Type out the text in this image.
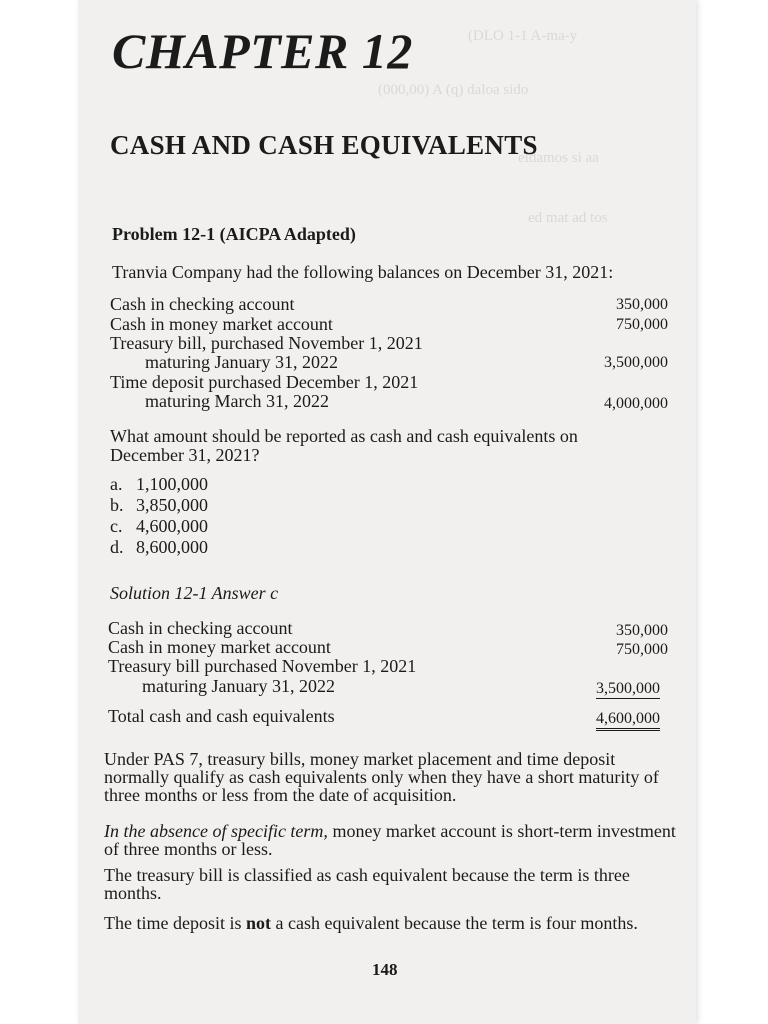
(DLO 1-1 A-ma-y
(000,00) A (q) daloa sido
eldamos si aa
ed mat ad tos
CHAPTER 12
CASH AND CASH EQUIVALENTS
Problem 12-1 (AICPA Adapted)
Tranvia Company had the following balances on December 31, 2021:
Cash in checking account	350,000
Cash in money market account	750,000
Treasury bill, purchased November 1, 2021
maturing January 31, 2022	3,500,000
Time deposit purchased December 1, 2021
maturing March 31, 2022	4,000,000
What amount should be reported as cash and cash equivalents on
December 31, 2021?
a. 1,100,000
b. 3,850,000
c. 4,600,000
d. 8,600,000
Solution 12-1 Answer c
Cash in checking account	350,000
Cash in money market account	750,000
Treasury bill purchased November 1, 2021
maturing January 31, 2022	3,500,000
Total cash and cash equivalents	4,600,000
Under PAS 7, treasury bills, money market placement and time deposit normally qualify as cash equivalents only when they have a short maturity of three months or less from the date of acquisition.
In the absence of specific term, money market account is short-term investment of three months or less.
The treasury bill is classified as cash equivalent because the term is three months.
The time deposit is not a cash equivalent because the term is four months.
148
